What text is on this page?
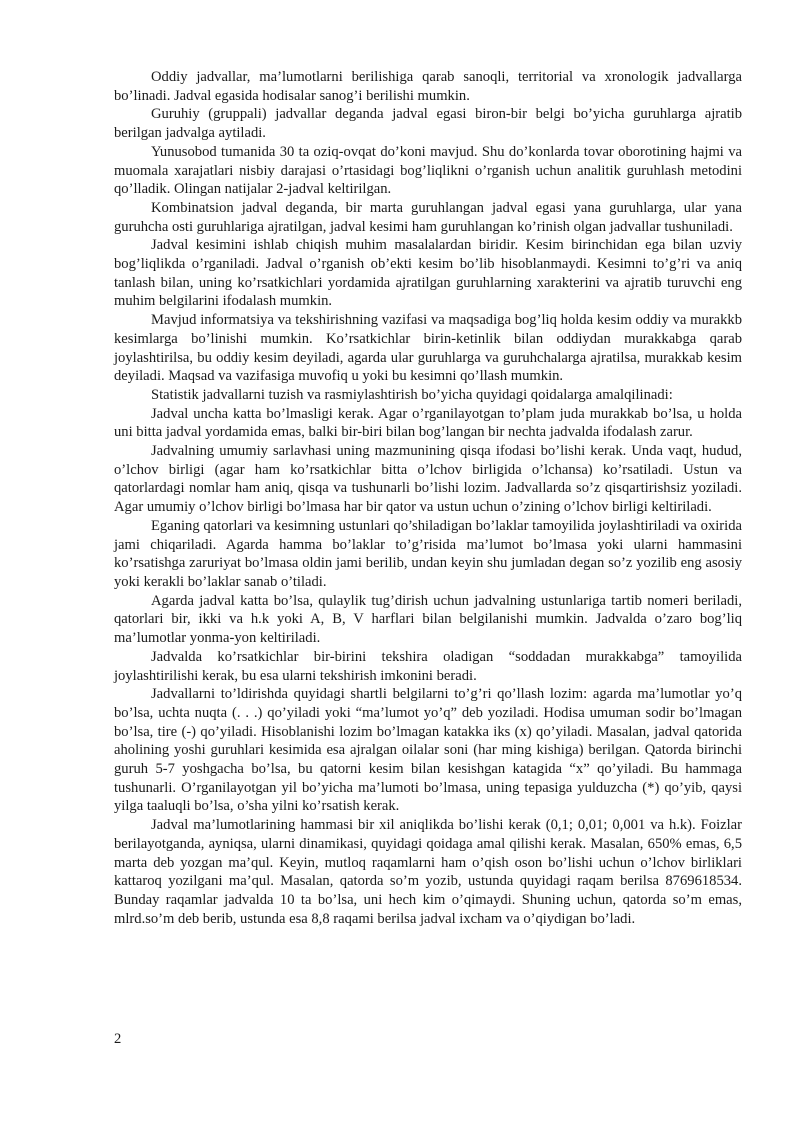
Oddiy jadvallar, ma’lumotlarni berilishiga qarab sanoqli, territorial va xronologik jadvallarga bo’linadi. Jadval egasida hodisalar sanog’i berilishi mumkin.

Guruhiy (gruppali) jadvallar deganda jadval egasi biron-bir belgi bo’yicha guruhlarga ajratib berilgan jadvalga aytiladi.

Yunusobod tumanida 30 ta oziq-ovqat do’koni mavjud. Shu do’konlarda tovar oborotining hajmi va muomala xarajatlari nisbiy darajasi o’rtasidagi bog’liqlikni o’rganish uchun analitik guruhlash metodini qo’lladik. Olingan natijalar 2-jadval keltirilgan.

Kombinatsion jadval deganda, bir marta guruhlangan jadval egasi yana guruhlarga, ular yana guruhcha osti guruhlariga ajratilgan, jadval kesimi ham guruhlangan ko’rinish olgan jadvallar tushuniladi.

Jadval kesimini ishlab chiqish muhim masalalardan biridir. Kesim birinchidan ega bilan uzviy bog’liqlikda o’rganiladi. Jadval o’rganish ob’ekti kesim bo’lib hisoblanmaydi. Kesimni to’g’ri va aniq tanlash bilan, uning ko’rsatkichlari yordamida ajratilgan guruhlarning xarakterini va ajratib turuvchi eng muhim belgilarini ifodalash mumkin.

Mavjud informatsiya va tekshirishning vazifasi va maqsadiga bog’liq holda kesim oddiy va murakkb kesimlarga bo’linishi mumkin. Ko’rsatkichlar birin-ketinlik bilan oddiydan murakkabga qarab joylashtirilsa, bu oddiy kesim deyiladi, agarda ular guruhlarga va guruhchalarga ajratilsa, murakkab kesim deyiladi. Maqsad va vazifasiga muvofiq u yoki bu kesimni qo’llash mumkin.

Statistik jadvallarni tuzish va rasmiylashtirish bo’yicha quyidagi qoidalarga amalqilinadi:

Jadval uncha katta bo’lmasligi kerak. Agar o’rganilayotgan to’plam juda murakkab bo’lsa, u holda uni bitta jadval yordamida emas, balki bir-biri bilan bog’langan bir nechta jadvalda ifodalash zarur.

Jadvalning umumiy sarlavhasi uning mazmunining qisqa ifodasi bo’lishi kerak. Unda vaqt, hudud, o’lchov birligi (agar ham ko’rsatkichlar bitta o’lchov birligida o’lchansa) ko’rsatiladi. Ustun va qatorlardagi nomlar ham aniq, qisqa va tushunarli bo’lishi lozim. Jadvallarda so’z qisqartirishsiz yoziladi. Agar umumiy o’lchov birligi bo’lmasa har bir qator va ustun uchun o’zining o’lchov birligi keltiriladi.

Eganing qatorlari va kesimning ustunlari qo’shiladigan bo’laklar tamoyilida joylashtiriladi va oxirida jami chiqariladi. Agarda hamma bo’laklar to’g’risida ma’lumot bo’lmasa yoki ularni hammasini ko’rsatishga zaruriyat bo’lmasa oldin jami berilib, undan keyin shu jumladan degan so’z yozilib eng asosiy yoki kerakli bo’laklar sanab o’tiladi.

Agarda jadval katta bo’lsa, qulaylik tug’dirish uchun jadvalning ustunlariga tartib nomeri beriladi, qatorlari bir, ikki va h.k yoki A, B, V harflari bilan belgilanishi mumkin. Jadvalda o’zaro bog’liq ma’lumotlar yonma-yon keltiriladi.

Jadvalda ko’rsatkichlar bir-birini tekshira oladigan “soddadan murakkabga” tamoyilida joylashtirilishi kerak, bu esa ularni tekshirish imkonini beradi.

Jadvallarni to’ldirishda quyidagi shartli belgilarni to’g’ri qo’llash lozim: agarda ma’lumotlar yo’q bo’lsa, uchta nuqta (. . .) qo’yiladi yoki “ma’lumot yo’q” deb yoziladi. Hodisa umuman sodir bo’lmagan bo’lsa, tire (-) qo’yiladi. Hisoblanishi lozim bo’lmagan katakka iks (x) qo’yiladi. Masalan, jadval qatorida aholining yoshi guruhlari kesimida esa ajralgan oilalar soni (har ming kishiga) berilgan. Qatorda birinchi guruh 5-7 yoshgacha bo’lsa, bu qatorni kesim bilan kesishgan katagida “x” qo’yiladi. Bu hammaga tushunarli. O’rganilayotgan yil bo’yicha ma’lumoti bo’lmasa, uning tepasiga yulduzcha (*) qo’yib, qaysi yilga taaluqli bo’lsa, o’sha yilni ko’rsatish kerak.

Jadval ma’lumotlarining hammasi bir xil aniqlikda bo’lishi kerak (0,1; 0,01; 0,001 va h.k). Foizlar berilayotganda, ayniqsa, ularni dinamikasi, quyidagi qoidaga amal qilishi kerak. Masalan, 650% emas, 6,5 marta deb yozgan ma’qul. Keyin, mutloq raqamlarni ham o’qish oson bo’lishi uchun o’lchov birliklari kattaroq yozilgani ma’qul. Masalan, qatorda so’m yozib, ustunda quyidagi raqam berilsa 8769618534. Bunday raqamlar jadvalda 10 ta bo’lsa, uni hech kim o’qimaydi. Shuning uchun, qatorda so’m emas, mlrd.so’m deb berib, ustunda esa 8,8 raqami berilsa jadval ixcham va o’qiydigan bo’ladi.

2
